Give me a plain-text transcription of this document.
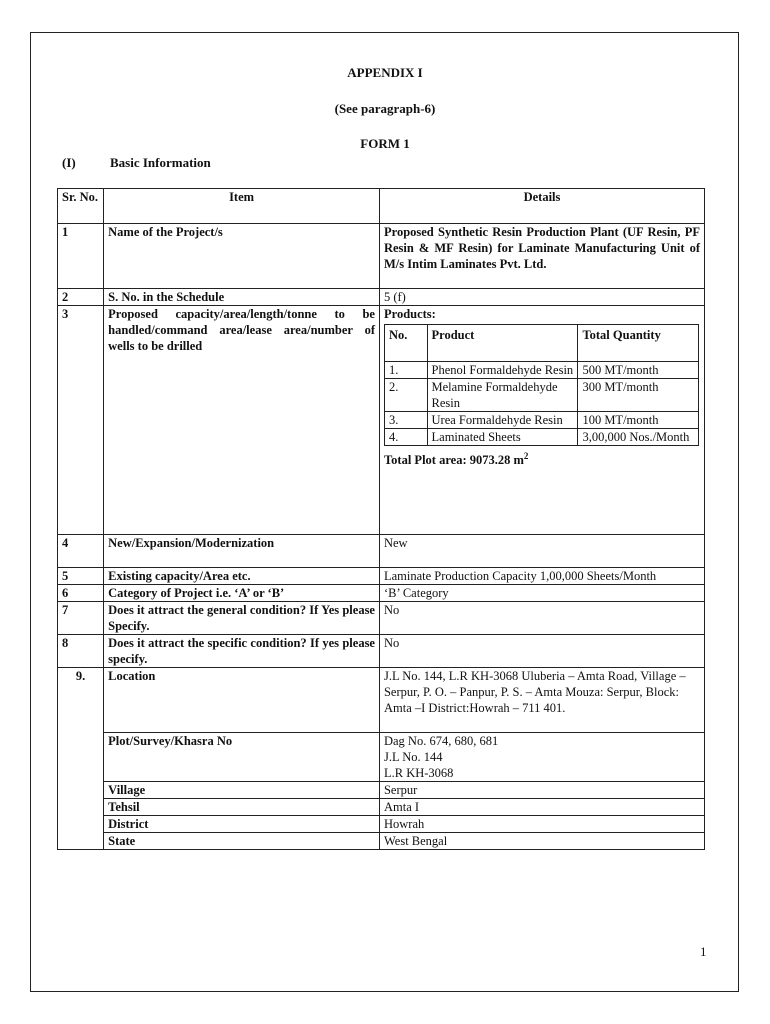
APPENDIX I
(See paragraph-6)
FORM 1
(I)	Basic Information
Sr. No.	Item	Details
1	Name of the Project/s	Proposed Synthetic Resin Production Plant (UF Resin, PF Resin & MF Resin) for Laminate Manufacturing Unit of M/s Intim Laminates Pvt. Ltd.
2	S. No. in the Schedule	5 (f)
3	Proposed capacity/area/length/tonne to be handled/command area/lease area/number of wells to be drilled	
Products:
No.	Product	Total Quantity
1.	Phenol Formaldehyde Resin	500 MT/month
2.	Melamine Formaldehyde Resin	300 MT/month
3.	Urea Formaldehyde Resin	100 MT/month
4.	Laminated Sheets	3,00,000 Nos./Month
Total Plot area: 9073.28 $m^2$

4	New/Expansion/Modernization	New
5	Existing capacity/Area etc.	Laminate Production Capacity 1,00,000 Sheets/Month
6	Category of Project i.e. ‘A’ or ‘B’	‘B’ Category
7	Does it attract the general condition? If Yes please Specify.	No
8	Does it attract the specific condition? If yes please specify.	No
9.	Location	J.L No. 144, L.R KH-3068 Uluberia – Amta Road, Village – Serpur, P. O. – Panpur, P. S. – Amta Mouza: Serpur, Block: Amta –I District:Howrah – 711 401.
Plot/Survey/Khasra No	Dag No. 674, 680, 681
J.L No. 144
L.R KH-3068

Village	Serpur
Tehsil	Amta I
District	Howrah
State	West Bengal
1
